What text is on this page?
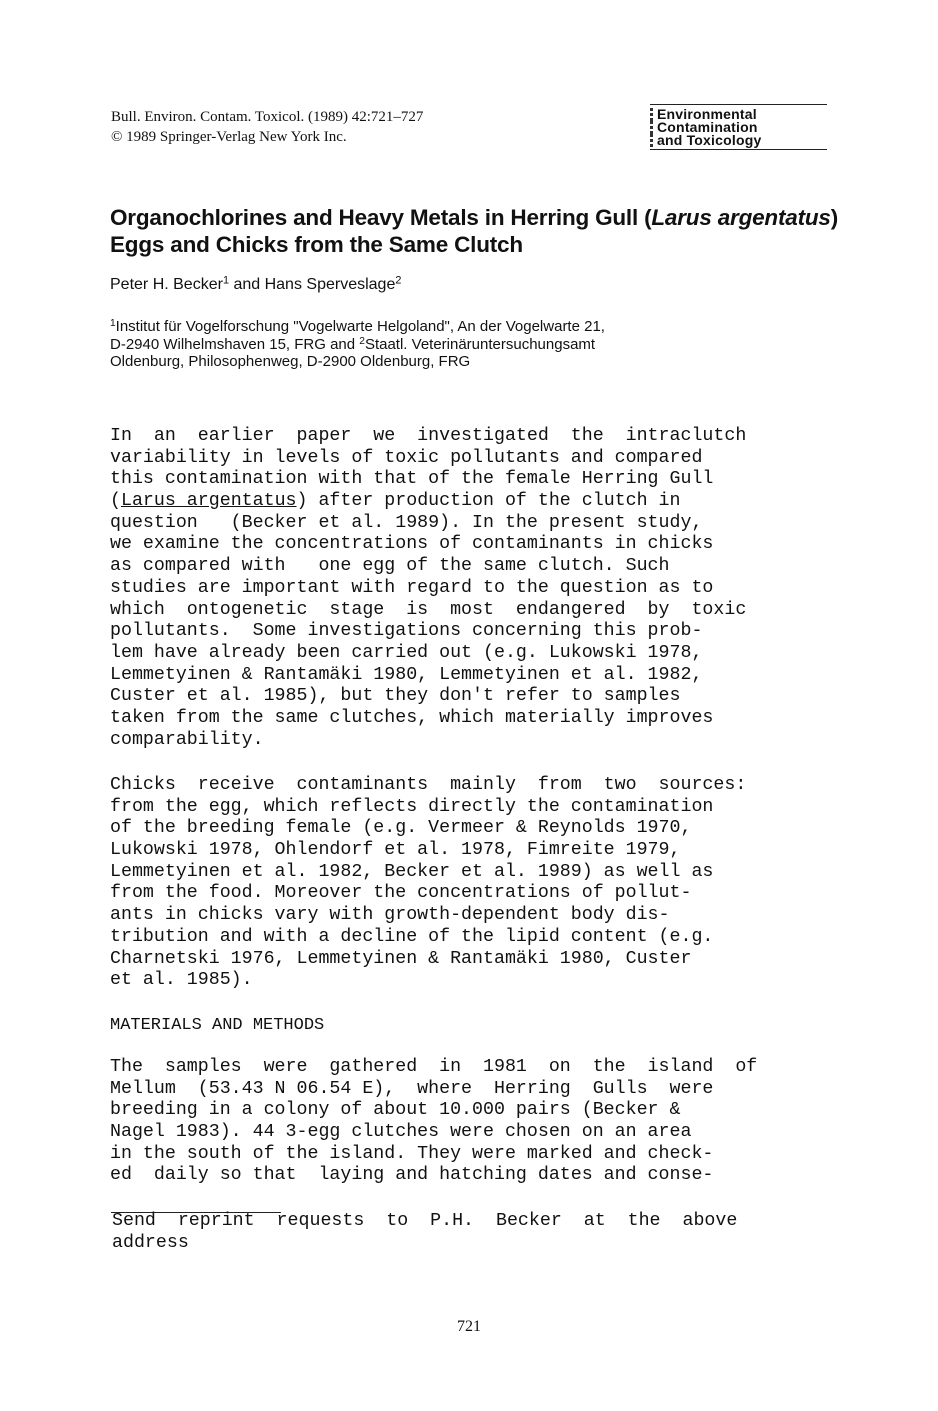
Bull. Environ. Contam. Toxicol. (1989) 42:721–727
© 1989 Springer-Verlag New York Inc.
Environmental
Contamination
and Toxicology
Organochlorines and Heavy Metals in Herring Gull (Larus argentatus) Eggs and Chicks from the Same Clutch
Peter H. Becker$^1$ and Hans Sperveslage$^2$
$^1$Institut für Vogelforschung "Vogelwarte Helgoland", An der Vogelwarte 21,
D-2940 Wilhelmshaven 15, FRG and $^2$Staatl. Veterinäruntersuchungsamt
Oldenburg, Philosophenweg, D-2900 Oldenburg, FRG
In  an  earlier  paper  we  investigated  the  intraclutch
variability in levels of toxic pollutants and compared
this contamination with that of the female Herring Gull
(Larus argentatus) after production of the clutch in
question   (Becker et al. 1989). In the present study,
we examine the concentrations of contaminants in chicks
as compared with   one egg of the same clutch. Such
studies are important with regard to the question as to
which  ontogenetic  stage  is  most  endangered  by  toxic
pollutants.  Some investigations concerning this prob-
lem have already been carried out (e.g. Lukowski 1978,
Lemmetyinen & Rantamäki 1980, Lemmetyinen et al. 1982,
Custer et al. 1985), but they don't refer to samples
taken from the same clutches, which materially improves
comparability.
Chicks  receive  contaminants  mainly  from  two  sources:
from the egg, which reflects directly the contamination
of the breeding female (e.g. Vermeer & Reynolds 1970,
Lukowski 1978, Ohlendorf et al. 1978, Fimreite 1979,
Lemmetyinen et al. 1982, Becker et al. 1989) as well as
from the food. Moreover the concentrations of pollut-
ants in chicks vary with growth-dependent body dis-
tribution and with a decline of the lipid content (e.g.
Charnetski 1976, Lemmetyinen & Rantamäki 1980, Custer
et al. 1985).
MATERIALS AND METHODS
The  samples  were  gathered  in  1981  on  the  island  of
Mellum  (53.43 N 06.54 E),  where  Herring  Gulls  were
breeding in a colony of about 10.000 pairs (Becker &
Nagel 1983). 44 3-egg clutches were chosen on an area
in the south of the island. They were marked and check-
ed  daily so that  laying and hatching dates and conse-
Send  reprint  requests  to  P.H.  Becker  at  the  above
address
721
